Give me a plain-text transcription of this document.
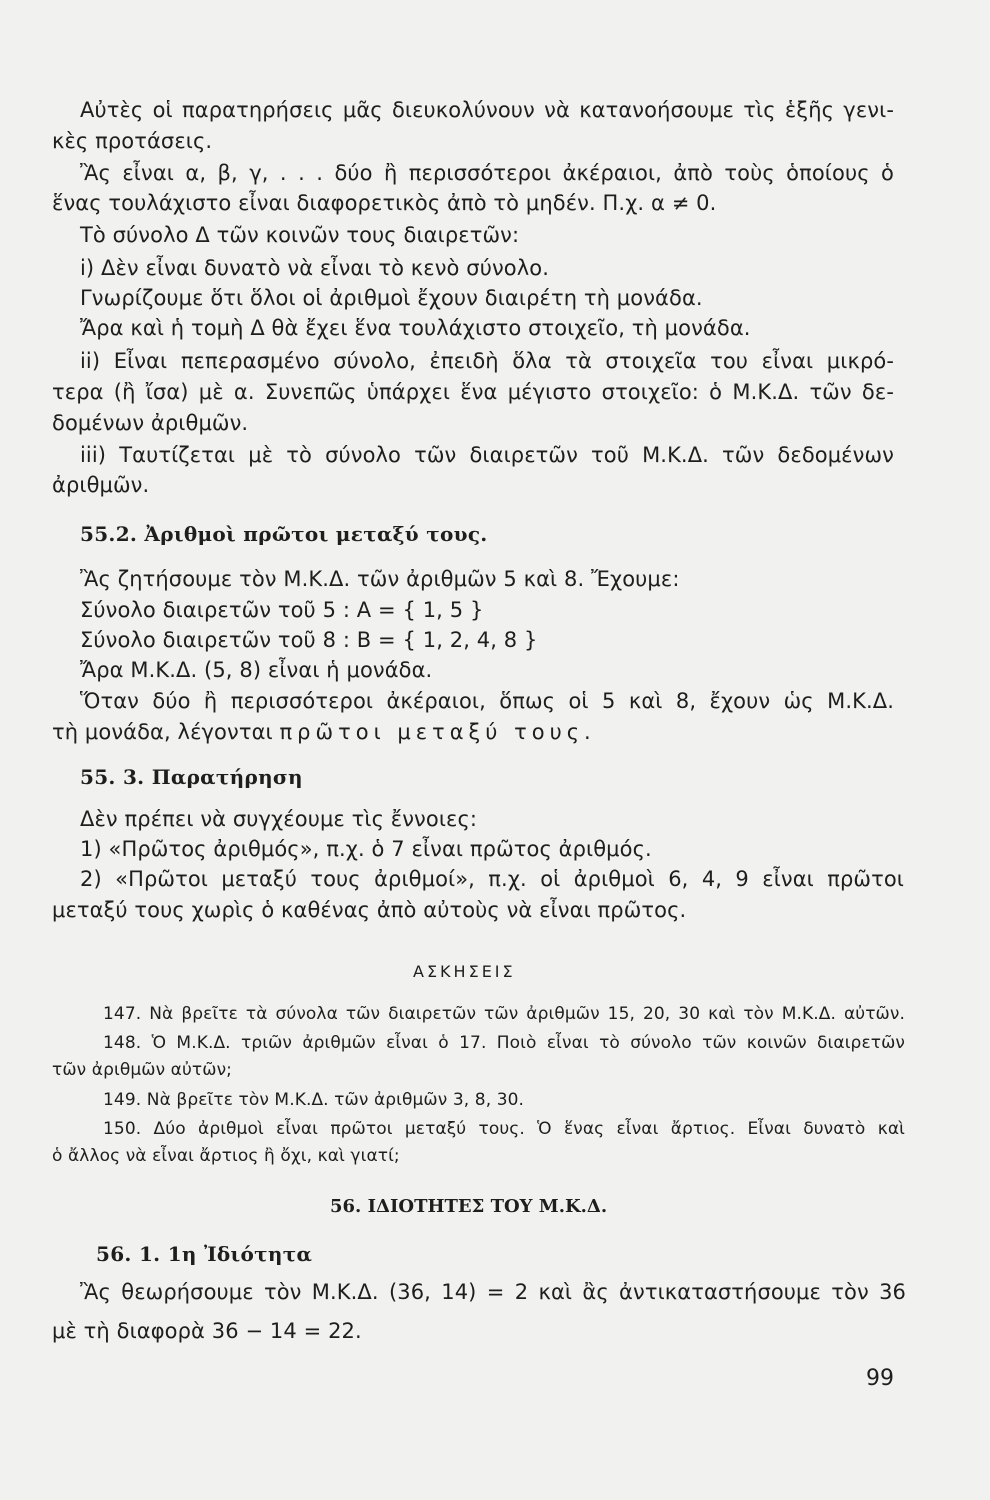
Αὐτὲς οἱ παρατηρήσεις μᾶς διευκολύνουν νὰ κατανοήσουμε τὶς ἑξῆς γενι-
κὲς προτάσεις.
Ἂς εἶναι α, β, γ, . . . δύο ἢ περισσότεροι ἀκέραιοι, ἀπὸ τοὺς ὁποίους ὁ
ἕνας τουλάχιστο εἶναι διαφορετικὸς ἀπὸ τὸ μηδέν. Π.χ. α ≠ 0.
Τὸ σύνολο Δ τῶν κοινῶν τους διαιρετῶν:
i) Δὲν εἶναι δυνατὸ νὰ εἶναι τὸ κενὸ σύνολο.
Γνωρίζουμε ὅτι ὅλοι οἱ ἀριθμοὶ ἔχουν διαιρέτη τὴ μονάδα.
Ἄρα καὶ ἡ τομὴ Δ θὰ ἔχει ἕνα τουλάχιστο στοιχεῖο, τὴ μονάδα.
ii) Εἶναι πεπερασμένο σύνολο, ἐπειδὴ ὅλα τὰ στοιχεῖα του εἶναι μικρό-
τερα (ἢ ἴσα) μὲ α. Συνεπῶς ὑπάρχει ἕνα μέγιστο στοιχεῖο: ὁ Μ.Κ.Δ. τῶν δε-
δομένων ἀριθμῶν.
iii) Ταυτίζεται μὲ τὸ σύνολο τῶν διαιρετῶν τοῦ Μ.Κ.Δ. τῶν δεδομένων
ἀριθμῶν.
55.2. Ἀριθμοὶ πρῶτοι μεταξύ τους.
Ἂς ζητήσουμε τὸν Μ.Κ.Δ. τῶν ἀριθμῶν 5 καὶ 8. Ἔχουμε:
Σύνολο διαιρετῶν τοῦ 5 : A = { 1, 5 }
Σύνολο διαιρετῶν τοῦ 8 : B = { 1, 2, 4, 8 }
Ἄρα Μ.Κ.Δ. (5, 8) εἶναι ἡ μονάδα.
Ὅταν δύο ἢ περισσότεροι ἀκέραιοι, ὅπως οἱ 5 καὶ 8, ἔχουν ὡς Μ.Κ.Δ.
τὴ μονάδα, λέγονται πρῶτοι μεταξύ τους.
55. 3. Παρατήρηση
Δὲν πρέπει νὰ συγχέουμε τὶς ἔννοιες:
1) «Πρῶτος ἀριθμός», π.χ. ὁ 7 εἶναι πρῶτος ἀριθμός.
2) «Πρῶτοι μεταξύ τους ἀριθμοί», π.χ. οἱ ἀριθμοὶ 6, 4, 9 εἶναι πρῶτοι
μεταξύ τους χωρὶς ὁ καθένας ἀπὸ αὐτοὺς νὰ εἶναι πρῶτος.
ΑΣΚΗΣΕΙΣ
147. Νὰ βρεῖτε τὰ σύνολα τῶν διαιρετῶν τῶν ἀριθμῶν 15, 20, 30 καὶ τὸν Μ.Κ.Δ. αὐτῶν.
148. Ὁ Μ.Κ.Δ. τριῶν ἀριθμῶν εἶναι ὁ 17. Ποιὸ εἶναι τὸ σύνολο τῶν κοινῶν διαιρετῶν
τῶν ἀριθμῶν αὐτῶν;
149. Νὰ βρεῖτε τὸν Μ.Κ.Δ. τῶν ἀριθμῶν 3, 8, 30.
150. Δύο ἀριθμοὶ εἶναι πρῶτοι μεταξύ τους. Ὁ ἕνας εἶναι ἄρτιος. Εἶναι δυνατὸ καὶ
ὁ ἄλλος νὰ εἶναι ἄρτιος ἢ ὄχι, καὶ γιατί;
56. ΙΔΙΟΤΗΤΕΣ ΤΟΥ Μ.Κ.Δ.
56. 1. 1η Ἰδιότητα
Ἂς θεωρήσουμε τὸν Μ.Κ.Δ. (36, 14) = 2 καὶ ἂς ἀντικαταστήσουμε τὸν 36
μὲ τὴ διαφορὰ 36 − 14 = 22.
99
